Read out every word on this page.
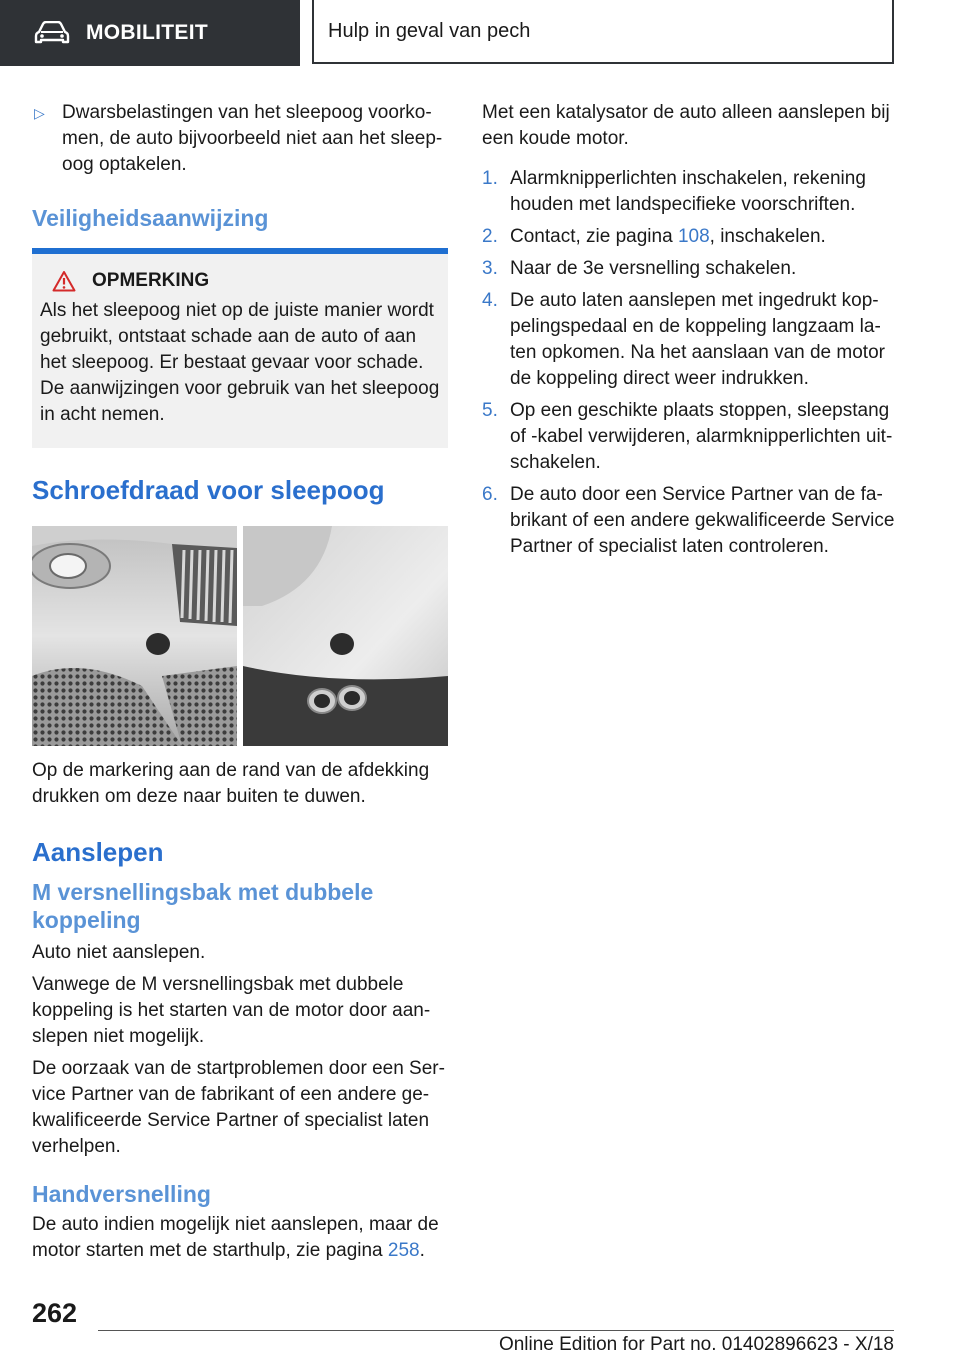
MOBILITEIT	Hulp in geval van pech
▷ Dwarsbelastingen van het sleepoog voorko-men, de auto bijvoorbeeld niet aan het sleep-oog optakelen.
Veiligheidsaanwijzing
OPMERKING

Als het sleepoog niet op de juiste manier wordt gebruikt, ontstaat schade aan de auto of aan het sleepoog. Er bestaat gevaar voor schade.

De aanwijzingen voor gebruik van het sleepoog in acht nemen.

Schroefdraad voor sleepoog

Op de markering aan de rand van de afdekking drukken om deze naar buiten te duwen.

Aanslepen
M versnellingsbak met dubbele koppeling

Auto niet aanslepen.

Vanwege de M versnellingsbak met dubbele koppeling is het starten van de motor door aan-slepen niet mogelijk.

De oorzaak van de startproblemen door een Ser-vice Partner van de fabrikant of een andere ge-kwalificeerde Service Partner of specialist laten verhelpen.

Handversnelling

De auto indien mogelijk niet aanslepen, maar de motor starten met de starthulp, zie pagina 258.

Met een katalysator de auto alleen aanslepen bij een koude motor.

1. Alarmknipperlichten inschakelen, rekening houden met landspecifieke voorschriften.
2. Contact, zie pagina 108, inschakelen.
3. Naar de 3e versnelling schakelen.
4. De auto laten aanslepen met ingedrukt kop-pelingspedaal en de koppeling langzaam la-ten opkomen. Na het aanslaan van de motor de koppeling direct weer indrukken.
5. Op een geschikte plaats stoppen, sleepstang of -kabel verwijderen, alarmknipperlichten uit-schakelen.
6. De auto door een Service Partner van de fa-brikant of een andere gekwalificeerde Service Partner of specialist laten controleren.
262
Online Edition for Part no. 01402896623 - X/18
